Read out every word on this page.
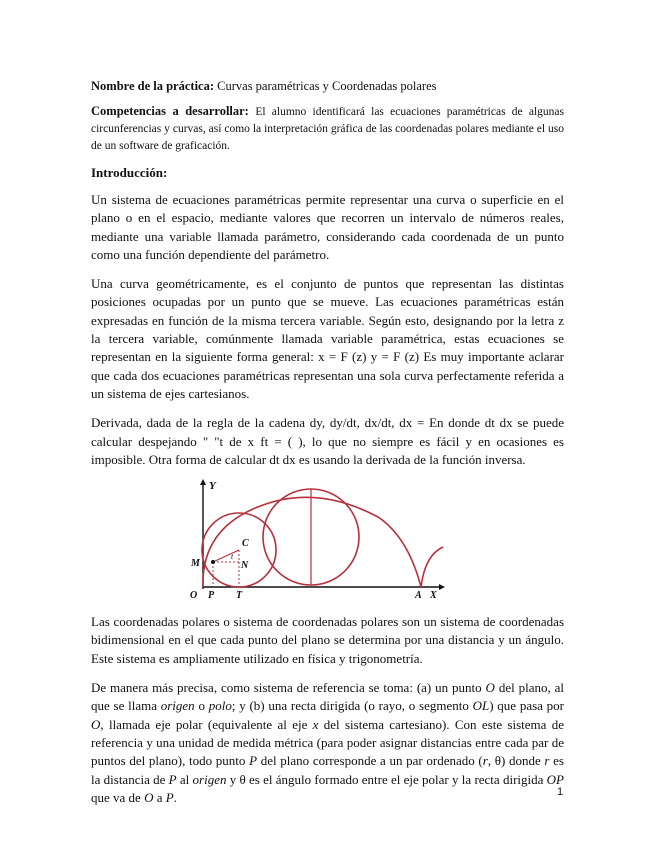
Nombre de la práctica: Curvas paramétricas y Coordenadas polares

Competencias a desarrollar: El alumno identificará las ecuaciones paramétricas de algunas circunferencias y curvas, así como la interpretación gráfica de las coordenadas polares mediante el uso de un software de graficación.

Introducción:

Un sistema de ecuaciones paramétricas permite representar una curva o superficie en el plano o en el espacio, mediante valores que recorren un intervalo de números reales, mediante una variable llamada parámetro, considerando cada coordenada de un punto como una función dependiente del parámetro.

Una curva geométricamente, es el conjunto de puntos que representan las distintas posiciones ocupadas por un punto que se mueve. Las ecuaciones paramétricas están expresadas en función de la misma tercera variable. Según esto, designando por la letra z la tercera variable, comúnmente llamada variable paramétrica, estas ecuaciones se representan en la siguiente forma general: x = F (z) y = F (z) Es muy importante aclarar que cada dos ecuaciones paramétricas representan una sola curva perfectamente referida a un sistema de ejes cartesianos.

Derivada, dada de la regla de la cadena dy, dy/dt, dx/dt, dx = En donde dt dx se puede calcular despejando " "t de x ft = ( ), lo que no siempre es fácil y en ocasiones es imposible. Otra forma de calcular dt dx es usando la derivada de la función inversa.

Y
C
t
N
M
O P T	A X

Las coordenadas polares o sistema de coordenadas polares son un sistema de coordenadas bidimensional en el que cada punto del plano se determina por una distancia y un ángulo. Este sistema es ampliamente utilizado en física y trigonometría.

De manera más precisa, como sistema de referencia se toma: (a) un punto O del plano, al que se llama origen o polo; y (b) una recta dirigida (o rayo, o segmento OL) que pasa por O, llamada eje polar (equivalente al eje x del sistema cartesiano). Con este sistema de referencia y una unidad de medida métrica (para poder asignar distancias entre cada par de puntos del plano), todo punto P del plano corresponde a un par ordenado (r, θ) donde r es la distancia de P al origen y θ es el ángulo formado entre el eje polar y la recta dirigida OP que va de O a P.	1
